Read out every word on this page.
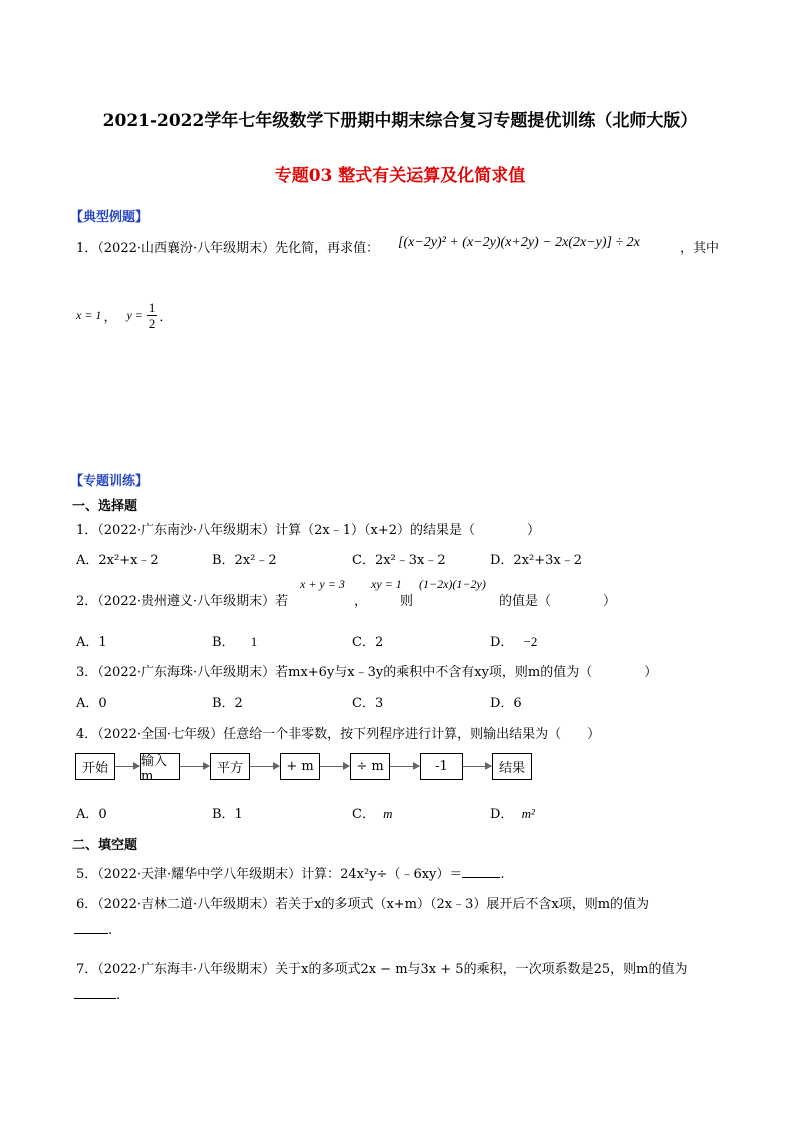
2021-2022学年七年级数学下册期中期末综合复习专题提优训练（北师大版）
专题03 整式有关运算及化简求值
【典型例题】
1．（2022·山西襄汾·八年级期末）先化简，再求值： [(x−2y)² + (x−2y)(x+2y) − 2x(2x−y)] ÷ 2x	，其中
x = 1 ， $y = \frac{1}{2}$ ．
【专题训练】
一、选择题
1．（2022·广东南沙·八年级期末）计算（2x﹣1）（x+2）的结果是（　　　　）
A．2x²+x﹣2	B．2x²﹣2	C．2x²﹣3x﹣2	D．2x²+3x﹣2
2．（2022·贵州遵义·八年级期末）若
x + y = 3
，
xy = 1
则
(1−2x)(1−2y)
的值是（　　　　）
A．1	B． 1	C．2	D． −2
3．（2022·广东海珠·八年级期末）若mx+6y与x﹣3y的乘积中不含有xy项，则m的值为（　　　　）
A．0	B．2	C．3	D．6
4．（2022·全国·七年级）任意给一个非零数，按下列程序进行计算，则输出结果为（　　）
开始	输入m	平方	+ m	÷ m	-1	结果
A．0	B．1	C． m	D． m²
二、填空题
5．（2022·天津·耀华中学八年级期末）计算：24x²y÷（﹣6xy）＝	.
6．（2022·吉林二道·八年级期末）若关于x的多项式（x+m）（2x﹣3）展开后不含x项，则m的值为
.
7．（2022·广东海丰·八年级期末）关于x的多项式2x − m与3x + 5的乘积，一次项系数是25，则m的值为
.
